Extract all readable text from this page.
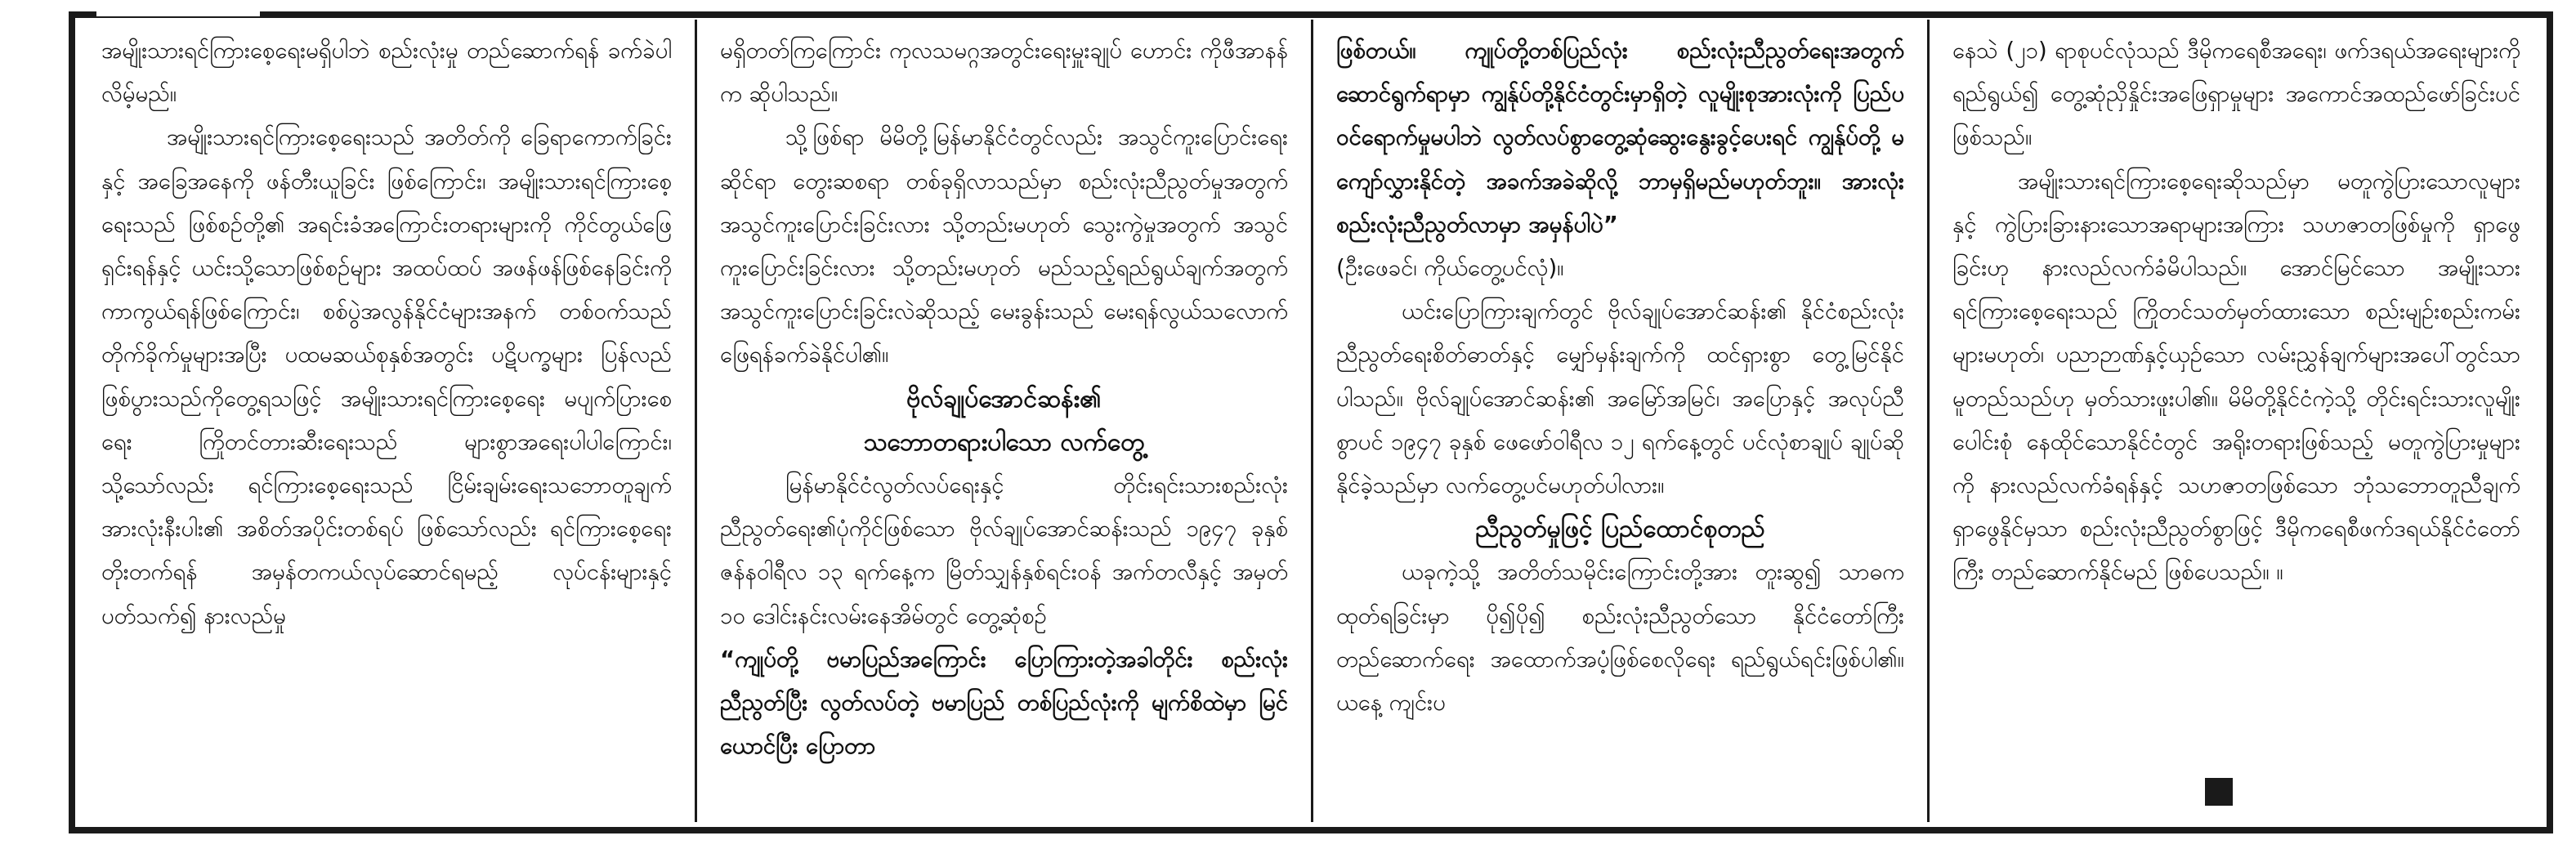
အမျိုးသားရင်ကြားစေ့ရေးမရှိပါဘဲ စည်းလုံးမှု တည်ဆောက်ရန် ခက်ခဲပါလိမ့်မည်။

အမျိုးသားရင်ကြားစေ့ရေးသည် အတိတ်ကို ခြေရာကောက်ခြင်းနှင့် အခြေအနေကို ဖန်တီးယူခြင်း ဖြစ်ကြောင်း၊ အမျိုးသားရင်ကြားစေ့ရေးသည် ဖြစ်စဉ်တို့၏ အရင်းခံအကြောင်းတရားများကို ကိုင်တွယ်ဖြေရှင်းရန်နှင့် ယင်းသို့သောဖြစ်စဉ်များ အထပ်ထပ် အဖန်ဖန်ဖြစ်နေခြင်းကို ကာကွယ်ရန်ဖြစ်ကြောင်း၊ စစ်ပွဲအလွန်နိုင်ငံများအနက် တစ်ဝက်သည် တိုက်ခိုက်မှုများအပြီး ပထမဆယ်စုနှစ်အတွင်း ပဋိပက္ခများ ပြန်လည်ဖြစ်ပွားသည်ကိုတွေ့ရသဖြင့် အမျိုးသားရင်ကြားစေ့ရေး မပျက်ပြားစေရေး ကြိုတင်တားဆီးရေးသည် များစွာအရေးပါပါကြောင်း၊ သို့သော်လည်း ရင်ကြားစေ့ရေးသည် ငြိမ်းချမ်းရေးသဘောတူချက်အားလုံးနီးပါး၏ အစိတ်အပိုင်းတစ်ရပ် ဖြစ်သော်လည်း ရင်ကြားစေ့ရေး တိုးတက်ရန် အမှန်တကယ်လုပ်ဆောင်ရမည့် လုပ်ငန်းများနှင့်ပတ်သက်၍ နားလည်မှု

မရှိတတ်ကြကြောင်း ကုလသမဂ္ဂအတွင်းရေးမှူးချုပ် ဟောင်း ကိုဖီအာနန်က ဆိုပါသည်။

သို့ဖြစ်ရာ မိမိတို့မြန်မာနိုင်ငံတွင်လည်း အသွင်ကူးပြောင်းရေးဆိုင်ရာ တွေးဆစရာ တစ်ခုရှိလာသည်မှာ စည်းလုံးညီညွတ်မှုအတွက် အသွင်ကူးပြောင်းခြင်းလား သို့တည်းမဟုတ် သွေးကွဲမှုအတွက် အသွင်ကူးပြောင်းခြင်းလား သို့တည်းမဟုတ် မည်သည့်ရည်ရွယ်ချက်အတွက် အသွင်ကူးပြောင်းခြင်းလဲဆိုသည့် မေးခွန်းသည် မေးရန်လွယ်သလောက် ဖြေရန်ခက်ခဲနိုင်ပါ၏။

ဗိုလ်ချုပ်အောင်ဆန်း၏
သဘောတရားပါသော လက်တွေ့

မြန်မာနိုင်ငံလွတ်လပ်ရေးနှင့် တိုင်းရင်းသားစည်းလုံးညီညွတ်ရေး၏ပုံကိုင်ဖြစ်သော ဗိုလ်ချုပ်အောင်ဆန်းသည် ၁၉၄၇ ခုနှစ် ဇန်နဝါရီလ ၁၃ ရက်နေ့က မြိတ်သျှန်နှစ်ရင်းဝန် အက်တလီနှင့် အမှတ် ၁၀ ဒေါင်းနင်းလမ်းနေအိမ်တွင် တွေ့ဆုံစဉ်

“ကျုပ်တို့ ဗမာပြည်အကြောင်း ပြောကြားတဲ့အခါတိုင်း စည်းလုံးညီညွတ်ပြီး လွတ်လပ်တဲ့ ဗမာပြည် တစ်ပြည်လုံးကို မျက်စိထဲမှာ မြင်ယောင်ပြီး ပြောတာ

ဖြစ်တယ်။ ကျုပ်တို့တစ်ပြည်လုံး စည်းလုံးညီညွတ်ရေးအတွက် ဆောင်ရွက်ရာမှာ ကျွန်ုပ်တို့နိုင်ငံတွင်းမှာရှိတဲ့ လူမျိုးစုအားလုံးကို ပြည်ပဝင်ရောက်မှုမပါဘဲ လွတ်လပ်စွာတွေ့ဆုံဆွေးနွေးခွင့်ပေးရင် ကျွန်ုပ်တို့ မကျော်လွှားနိုင်တဲ့ အခက်အခဲဆိုလို့ ဘာမှရှိမည်မဟုတ်ဘူး။ အားလုံးစည်းလုံးညီညွတ်လာမှာ အမှန်ပါပဲ”

(ဦးဖေခင်၊ ကိုယ်တွေ့ပင်လုံ)။

ယင်းပြောကြားချက်တွင် ဗိုလ်ချုပ်အောင်ဆန်း၏ နိုင်ငံစည်းလုံးညီညွတ်ရေးစိတ်ဓာတ်နှင့် မျှော်မှန်းချက်ကို ထင်ရှားစွာ တွေ့မြင်နိုင်ပါသည်။ ဗိုလ်ချုပ်အောင်ဆန်း၏ အမြော်အမြင်၊ အပြောနှင့် အလုပ်ညီစွာပင် ၁၉၄၇ ခုနှစ် ဖေဖော်ဝါရီလ ၁၂ ရက်နေ့တွင် ပင်လုံစာချုပ် ချုပ်ဆိုနိုင်ခဲ့သည်မှာ လက်တွေ့ပင်မဟုတ်ပါလား။

ညီညွတ်မှုဖြင့် ပြည်ထောင်စုတည်

ယခုကဲ့သို့ အတိတ်သမိုင်းကြောင်းတို့အား တူးဆွ၍ သာဓကထုတ်ရခြင်းမှာ ပို၍ပို၍ စည်းလုံးညီညွတ်သော နိုင်ငံတော်ကြီးတည်ဆောက်ရေး အထောက်အပံ့ဖြစ်စေလိုရေး ရည်ရွယ်ရင်းဖြစ်ပါ၏။ ယနေ့ ကျင်းပ

နေသဲ (၂၁) ရာစုပင်လုံသည် ဒီမိုကရေစီအရေး၊ ဖက်ဒရယ်အရေးများကို ရည်ရွယ်၍ တွေ့ဆုံညှိနှိုင်းအဖြေရှာမှုများ အကောင်အထည်ဖော်ခြင်းပင်ဖြစ်သည်။

အမျိုးသားရင်ကြားစေ့ရေးဆိုသည်မှာ မတူကွဲပြားသောလူများနှင့် ကွဲပြားခြားနားသောအရာများအကြား သဟဇာတဖြစ်မှုကို ရှာဖွေခြင်းဟု နားလည်လက်ခံမိပါသည်။ အောင်မြင်သော အမျိုးသားရင်ကြားစေ့ရေးသည် ကြိုတင်သတ်မှတ်ထားသော စည်းမျဉ်းစည်းကမ်းများမဟုတ်၊ ပညာဉာဏ်နှင့်ယှဉ်သော လမ်းညွှန်ချက်များအပေါ်တွင်သာ မူတည်သည်ဟု မှတ်သားဖူးပါ၏။ မိမိတို့နိုင်ငံကဲ့သို့ တိုင်းရင်းသားလူမျိုးပေါင်းစုံ နေထိုင်သောနိုင်ငံတွင် အရိုးတရားဖြစ်သည့် မတူကွဲပြားမှုများကို နားလည်လက်ခံရန်နှင့် သဟဇာတဖြစ်သော ဘုံသဘောတူညီချက်ရှာဖွေနိုင်မှသာ စည်းလုံးညီညွတ်စွာဖြင့် ဒီမိုကရေစီဖက်ဒရယ်နိုင်ငံတော်ကြီး တည်ဆောက်နိုင်မည် ဖြစ်ပေသည်။ ။
